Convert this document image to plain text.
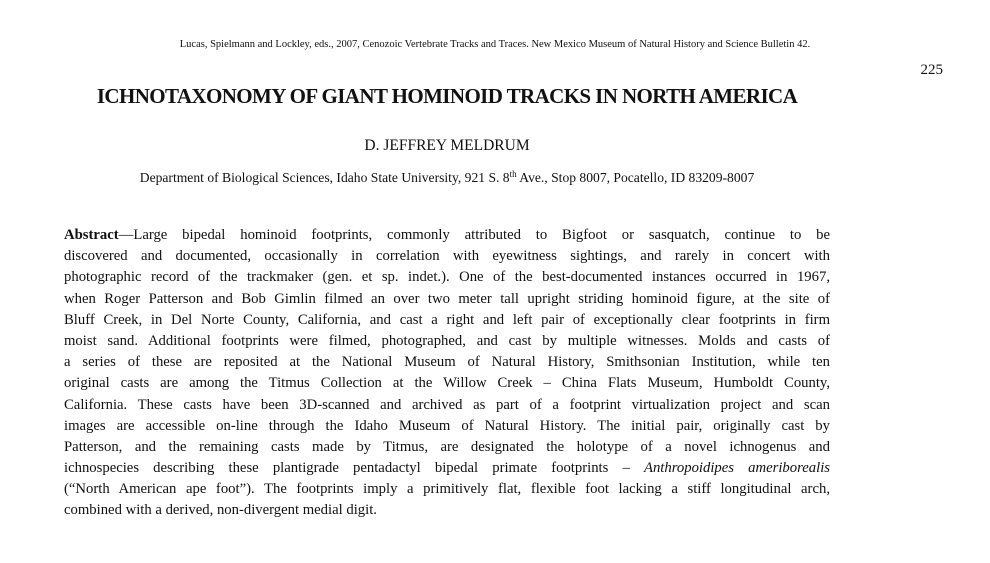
Lucas, Spielmann and Lockley, eds., 2007, Cenozoic Vertebrate Tracks and Traces. New Mexico Museum of Natural History and Science Bulletin 42.
225
ICHNOTAXONOMY OF GIANT HOMINOID TRACKS IN NORTH AMERICA
D. JEFFREY MELDRUM
Department of Biological Sciences, Idaho State University, 921 S. 8th Ave., Stop 8007, Pocatello, ID 83209-8007
Abstract—Large bipedal hominoid footprints, commonly attributed to Bigfoot or sasquatch, continue to be
discovered and documented, occasionally in correlation with eyewitness sightings, and rarely in concert with
photographic record of the trackmaker (gen. et sp. indet.). One of the best-documented instances occurred in 1967,
when Roger Patterson and Bob Gimlin filmed an over two meter tall upright striding hominoid figure, at the site of
Bluff Creek, in Del Norte County, California, and cast a right and left pair of exceptionally clear footprints in firm
moist sand. Additional footprints were filmed, photographed, and cast by multiple witnesses. Molds and casts of
a series of these are reposited at the National Museum of Natural History, Smithsonian Institution, while ten
original casts are among the Titmus Collection at the Willow Creek – China Flats Museum, Humboldt County,
California. These casts have been 3D-scanned and archived as part of a footprint virtualization project and scan
images are accessible on-line through the Idaho Museum of Natural History. The initial pair, originally cast by
Patterson, and the remaining casts made by Titmus, are designated the holotype of a novel ichnogenus and
ichnospecies describing these plantigrade pentadactyl bipedal primate footprints – Anthropoidipes ameriborealis
(“North American ape foot”). The footprints imply a primitively flat, flexible foot lacking a stiff longitudinal arch,
combined with a derived, non-divergent medial digit.
